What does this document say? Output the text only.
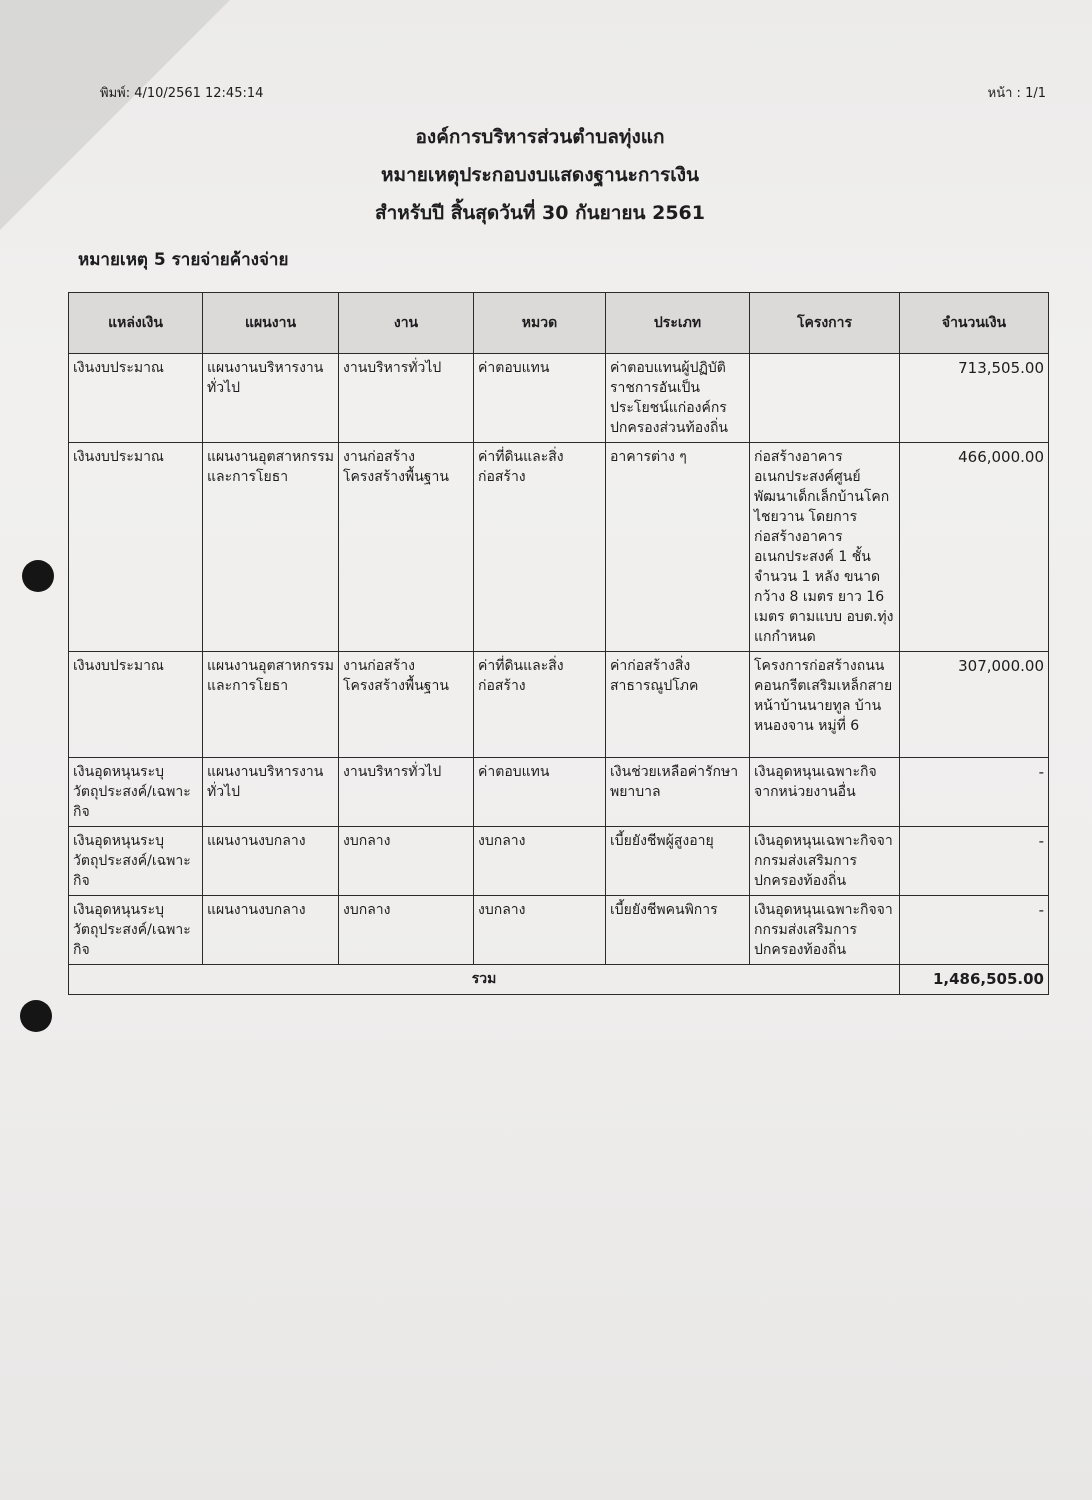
พิมพ์: 4/10/2561 12:45:14	หน้า : 1/1
องค์การบริหารส่วนตำบลทุ่งแก
หมายเหตุประกอบงบแสดงฐานะการเงิน
สำหรับปี สิ้นสุดวันที่ 30 กันยายน 2561
หมายเหตุ 5 รายจ่ายค้างจ่าย
แหล่งเงิน	แผนงาน	งาน	หมวด	ประเภท	โครงการ	จำนวนเงิน
เงินงบประมาณ	แผนงานบริหารงานทั่วไป	งานบริหารทั่วไป	ค่าตอบแทน	ค่าตอบแทนผู้ปฏิบัติราชการอันเป็นประโยชน์แก่องค์กรปกครองส่วนท้องถิ่น		713,505.00
เงินงบประมาณ	แผนงานอุตสาหกรรมและการโยธา	งานก่อสร้างโครงสร้างพื้นฐาน	ค่าที่ดินและสิ่งก่อสร้าง	อาคารต่าง ๆ	ก่อสร้างอาคารอเนกประสงค์ศูนย์พัฒนาเด็กเล็กบ้านโคกไชยวาน โดยการก่อสร้างอาคารอเนกประสงค์ 1 ชั้น จำนวน 1 หลัง ขนาดกว้าง 8 เมตร ยาว 16 เมตร ตามแบบ อบต.ทุ่งแกกำหนด	466,000.00
เงินงบประมาณ	แผนงานอุตสาหกรรมและการโยธา	งานก่อสร้างโครงสร้างพื้นฐาน	ค่าที่ดินและสิ่งก่อสร้าง	ค่าก่อสร้างสิ่งสาธารณูปโภค	โครงการก่อสร้างถนนคอนกรีตเสริมเหล็กสายหน้าบ้านนายทูล บ้านหนองจาน หมู่ที่ 6	307,000.00
เงินอุดหนุนระบุวัตถุประสงค์/เฉพาะกิจ	แผนงานบริหารงานทั่วไป	งานบริหารทั่วไป	ค่าตอบแทน	เงินช่วยเหลือค่ารักษาพยาบาล	เงินอุดหนุนเฉพาะกิจจากหน่วยงานอื่น	-
เงินอุดหนุนระบุวัตถุประสงค์/เฉพาะกิจ	แผนงานงบกลาง	งบกลาง	งบกลาง	เบี้ยยังชีพผู้สูงอายุ	เงินอุดหนุนเฉพาะกิจจากกรมส่งเสริมการปกครองท้องถิ่น	-
เงินอุดหนุนระบุวัตถุประสงค์/เฉพาะกิจ	แผนงานงบกลาง	งบกลาง	งบกลาง	เบี้ยยังชีพคนพิการ	เงินอุดหนุนเฉพาะกิจจากกรมส่งเสริมการปกครองท้องถิ่น	-
รวม						1,486,505.00
